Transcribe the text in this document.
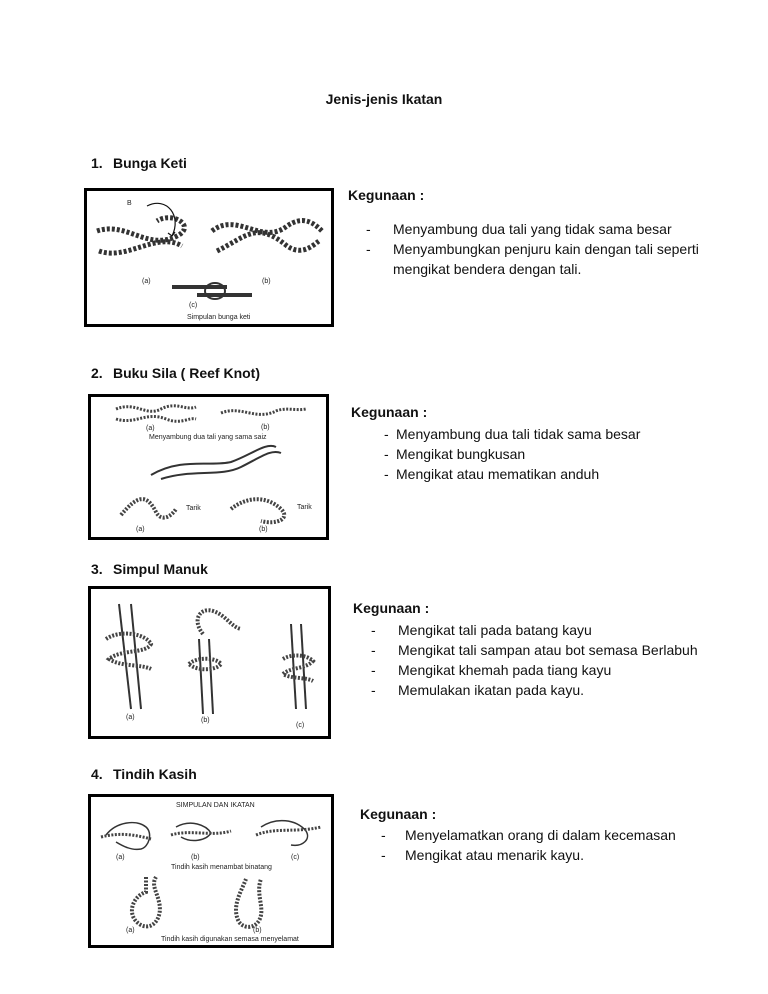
Jenis-jenis Ikatan
1. Bunga Keti
B
(a)	(b)
(c)
Simpulan bunga keti
Kegunaan :
-	Menyambung dua tali yang tidak sama besar
-	Menyambungkan penjuru kain dengan tali seperti mengikat bendera dengan tali.
2. Buku Sila ( Reef Knot)
(a)	(b)
Menyambung dua tali yang sama saiz
Tarik	Tarik
(a)	(b)
Kegunaan :
- Menyambung dua tali tidak sama besar
- Mengikat bungkusan
- Mengikat atau mematikan anduh
3. Simpul Manuk
(a)	(b)
(c)
Kegunaan :
-	Mengikat tali pada batang kayu
-	Mengikat tali sampan atau bot semasa Berlabuh
-	Mengikat khemah pada tiang kayu
-	Memulakan ikatan pada kayu.
4. Tindih Kasih
SIMPULAN DAN IKATAN
(a)	(b)	(c)
Tindih kasih menambat binatang
(a)	(b)
Tindih kasih digunakan semasa menyelamat
Kegunaan :
-	Menyelamatkan orang di dalam kecemasan
-	Mengikat atau menarik kayu.
